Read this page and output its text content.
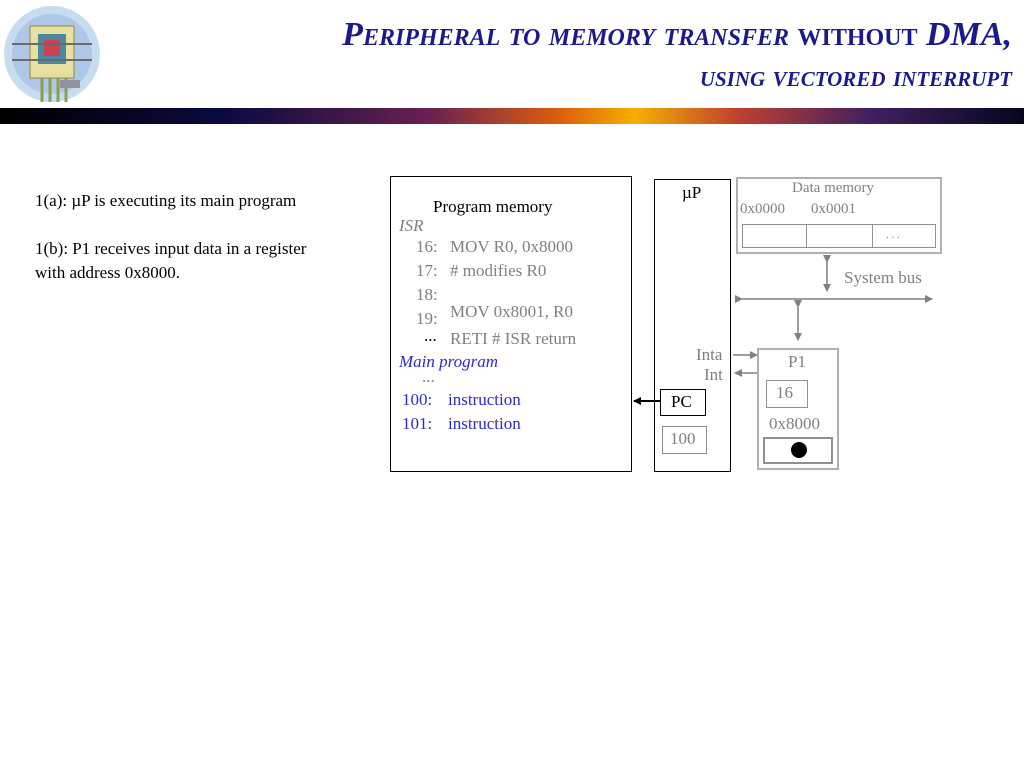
Peripheral to memory transfer without DMA,
using vectored interrupt
1(a): µP is executing its main program
1(b): P1 receives input data in a register
with address 0x8000.
Program memory
ISR
16: MOV R0, 0x8000
17: # modifies R0
18:
MOV 0x8001, R0
19:
RETI # ISR return
...
Main program
...
100: instruction
101: instruction
µP
PC
100
Inta
Int
Data memory
0x0000 0x0001
. . .
System bus
P1
16
0x8000
